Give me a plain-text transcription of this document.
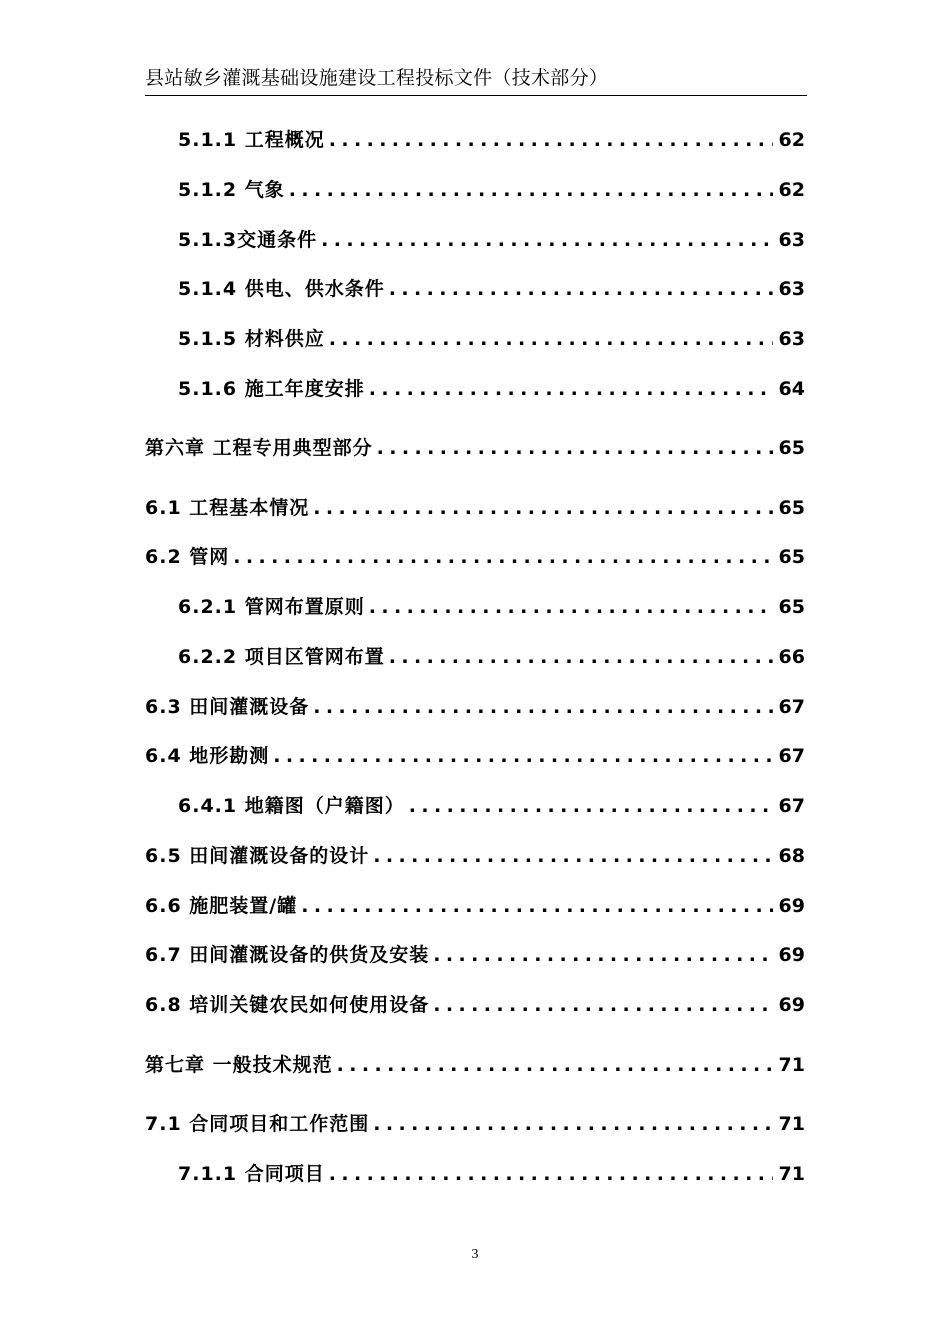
县站敏乡灌溉基础设施建设工程投标文件（技术部分）
5.1.1 工程概况 .....	62
5.1.2 气象 .....	62
5.1.3交通条件 .....	63
5.1.4 供电、供水条件 .....	63
5.1.5 材料供应 .....	63
5.1.6 施工年度安排 .....	64
第六章 工程专用典型部分 .....	65
6.1 工程基本情况 .....	65
6.2 管网 .....	65
6.2.1 管网布置原则 .....	65
6.2.2 项目区管网布置 .....	66
6.3 田间灌溉设备 .....	67
6.4 地形勘测 .....	67
6.4.1 地籍图（户籍图） .....	67
6.5 田间灌溉设备的设计 .....	68
6.6 施肥装置/罐 .....	69
6.7 田间灌溉设备的供货及安装 .....	69
6.8 培训关键农民如何使用设备 .....	69
第七章 一般技术规范 .....	71
7.1 合同项目和工作范围 .....	71
7.1.1 合同项目 .....	71
3
